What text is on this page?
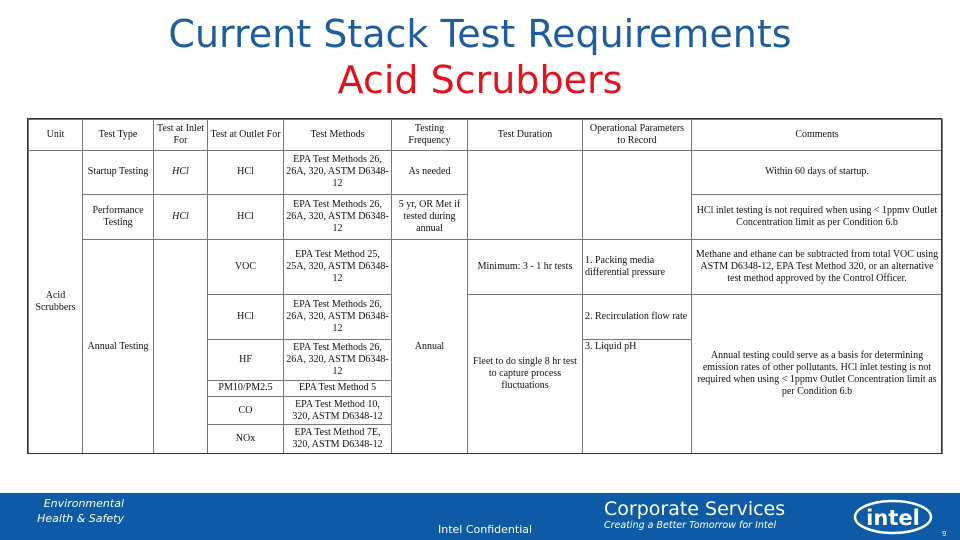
Current Stack Test Requirements
Acid Scrubbers
Unit	Test Type	Test at Inlet For	Test at Outlet For	Test Methods	Testing Frequency	Test Duration	Operational Parameters to Record	Comments
Acid Scrubbers	Startup Testing	HCl	HCl	EPA Test Methods 26, 26A, 320, ASTM D6348-12	As needed			Within 60 days of startup.
	Performance Testing	HCl	HCl	EPA Test Methods 26, 26A, 320, ASTM D6348-12	5 yr, OR Met if tested during annual			HCl inlet testing is not required when using < 1ppmv Outlet Concentration limit as per Condition 6.b
	Annual Testing		VOC	EPA Test Method 25, 25A, 320, ASTM D6348-12	Annual	Minimum: 3 - 1 hr tests	1. Packing media differential pressure	Methane and ethane can be subtracted from total VOC using ASTM D6348-12, EPA Test Method 320, or an alternative test method approved by the Control Officer.
			HCl	EPA Test Methods 26, 26A, 320, ASTM D6348-12		Fleet to do single 8 hr test to capture process fluctuations	2. Recirculation flow rate	Annual testing could serve as a basis for determining emission rates of other pollutants. HCl inlet testing is not required when using < 1ppmv Outlet Concentration limit as per Condition 6.b
			HF	EPA Test Methods 26, 26A, 320, ASTM D6348-12			3. Liquid pH	
			PM10/PM2.5	EPA Test Method 5				
			CO	EPA Test Method 10, 320, ASTM D6348-12				
			NOx	EPA Test Method 7E, 320, ASTM D6348-12				
Environmental Health & Safety
Intel Confidential
Corporate Services
Creating a Better Tomorrow for Intel	intel
9
